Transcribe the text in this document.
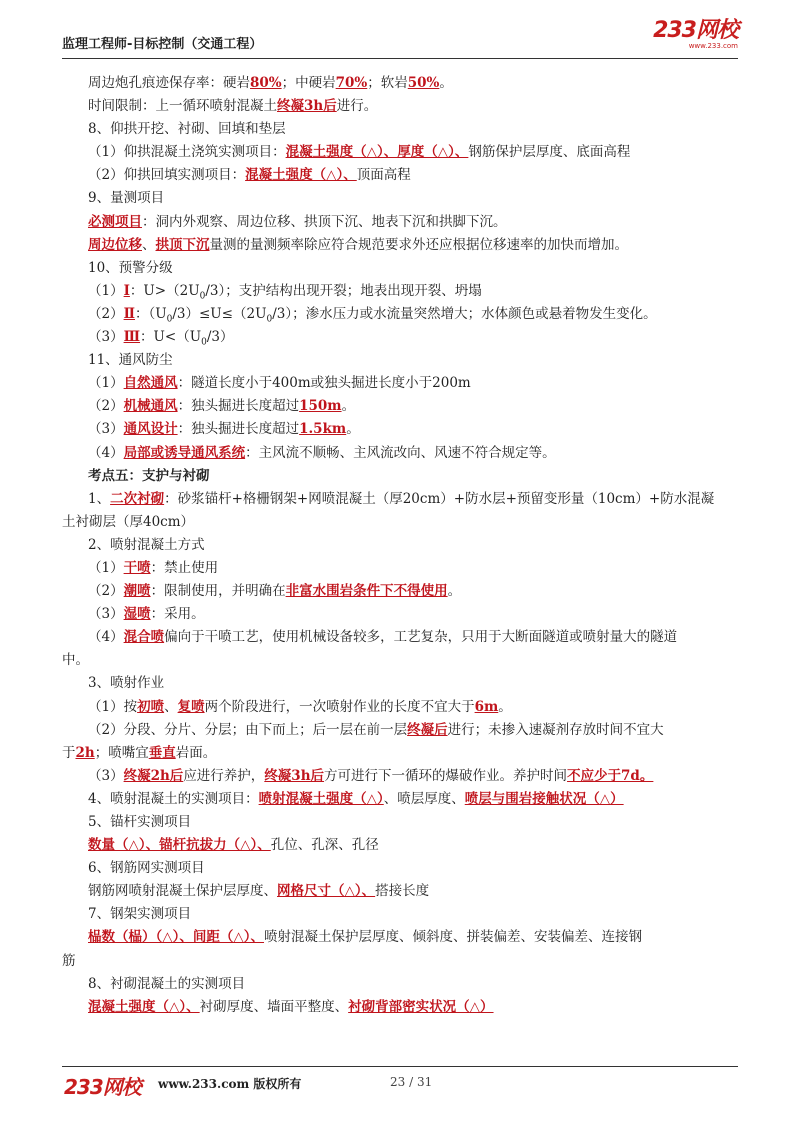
监理工程师-目标控制（交通工程）
233网校
www.233.com
周边炮孔痕迹保存率：硬岩80%；中硬岩70%；软岩50%。
时间限制：上一循环喷射混凝土终凝3h后进行。
8、仰拱开挖、衬砌、回填和垫层
（1）仰拱混凝土浇筑实测项目：混凝土强度（△）、厚度（△）、钢筋保护层厚度、底面高程
（2）仰拱回填实测项目：混凝土强度（△）、顶面高程
9、量测项目
必测项目：洞内外观察、周边位移、拱顶下沉、地表下沉和拱脚下沉。
周边位移、拱顶下沉量测的量测频率除应符合规范要求外还应根据位移速率的加快而增加。
10、预警分级
（1）Ⅰ：$U>(2U_0/3)$；支护结构出现开裂；地表出现开裂、坍塌
（2）Ⅱ：$(U_0/3)\le U\le(2U_0/3)$；渗水压力或水流量突然增大；水体颜色或悬着物发生变化。
（3）Ⅲ：$U<(U_0/3)$
11、通风防尘
（1）自然通风：隧道长度小于400m或独头掘进长度小于200m
（2）机械通风：独头掘进长度超过150m。
（3）通风设计：独头掘进长度超过1.5km。
（4）局部或诱导通风系统：主风流不顺畅、主风流改向、风速不符合规定等。
考点五：支护与衬砌
1、二次衬砌：砂浆锚杆+格栅钢架+网喷混凝土（厚20cm）+防水层+预留变形量（10cm）+防水混凝
土衬砌层（厚40cm）
2、喷射混凝土方式
（1）干喷：禁止使用
（2）潮喷：限制使用，并明确在非富水围岩条件下不得使用。
（3）湿喷：采用。
（4）混合喷偏向于干喷工艺，使用机械设备较多，工艺复杂，只用于大断面隧道或喷射量大的隧道
中。
3、喷射作业
（1）按初喷、复喷两个阶段进行，一次喷射作业的长度不宜大于6m。
（2）分段、分片、分层；由下而上；后一层在前一层终凝后进行；未掺入速凝剂存放时间不宜大
于2h；喷嘴宜垂直岩面。
（3）终凝2h后应进行养护，终凝3h后方可进行下一循环的爆破作业。养护时间不应少于7d。
4、喷射混凝土的实测项目：喷射混凝土强度（△）、喷层厚度、喷层与围岩接触状况（△）
5、锚杆实测项目
数量（△）、锚杆抗拔力（△）、孔位、孔深、孔径
6、钢筋网实测项目
钢筋网喷射混凝土保护层厚度、网格尺寸（△）、搭接长度
7、钢架实测项目
榀数（榀）（△）、间距（△）、喷射混凝土保护层厚度、倾斜度、拼装偏差、安装偏差、连接钢
筋
8、衬砌混凝土的实测项目
混凝土强度（△）、衬砌厚度、墙面平整度、衬砌背部密实状况（△）
233网校 www.233.com 版权所有	23 / 31
